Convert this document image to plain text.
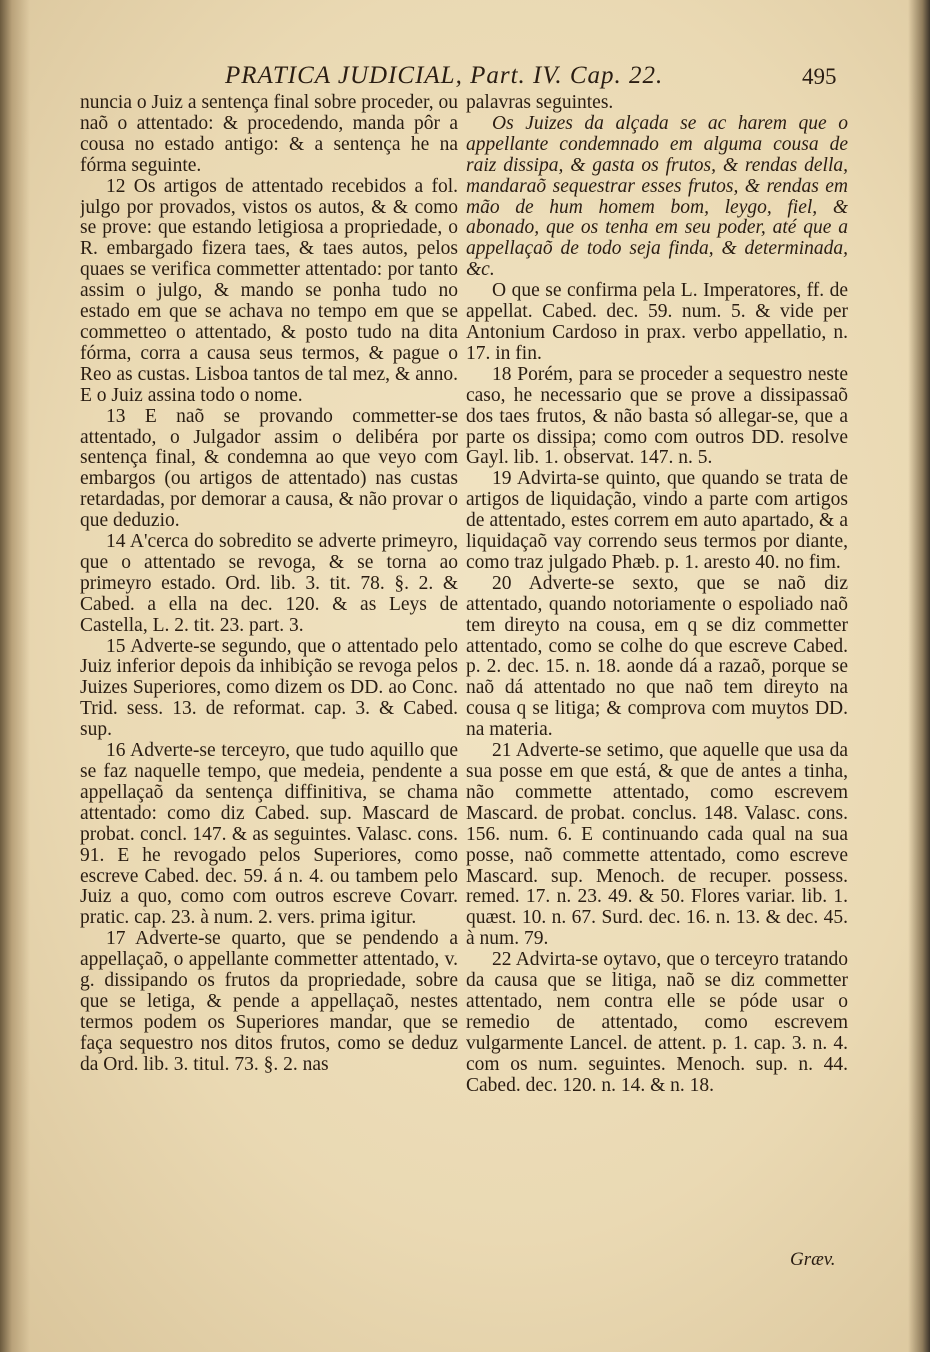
PRATICA JUDICIAL, Part. IV. Cap. 22.	495

nuncia o Juiz a sentença final sobre proceder, ou naõ o attentado: & procedendo, manda pôr a cousa no estado antigo: & a sentença he na fórma seguinte.

12 Os artigos de attentado recebidos a fol. julgo por provados, vistos os autos, & & como se prove: que estando letigiosa a propriedade, o R. embargado fizera taes, & taes autos, pelos quaes se verifica commetter attentado: por tanto assim o julgo, & mando se ponha tudo no estado em que se achava no tempo em que se commetteo o attentado, & posto tudo na dita fórma, corra a causa seus termos, & pague o Reo as custas. Lisboa tantos de tal mez, & anno. E o Juiz assina todo o nome.

13 E naõ se provando commetter-se attentado, o Julgador assim o delibéra por sentença final, & condemna ao que veyo com embargos (ou artigos de attentado) nas custas retardadas, por demorar a causa, & não provar o que deduzio.

14 A'cerca do sobredito se adverte primeyro, que o attentado se revoga, & se torna ao primeyro estado. Ord. lib. 3. tit. 78. §. 2. & Cabed. a ella na dec. 120. & as Leys de Castella, L. 2. tit. 23. part. 3.

15 Adverte-se segundo, que o attentado pelo Juiz inferior depois da inhibição se revoga pelos Juizes Superiores, como dizem os DD. ao Conc. Trid. sess. 13. de reformat. cap. 3. & Cabed. sup.

16 Adverte-se terceyro, que tudo aquillo que se faz naquelle tempo, que medeia, pendente a appellaçaõ da sentença diffinitiva, se chama attentado: como diz Cabed. sup. Mascard de probat. concl. 147. & as seguintes. Valasc. cons. 91. E he revogado pelos Superiores, como escreve Cabed. dec. 59. á n. 4. ou tambem pelo Juiz a quo, como com outros escreve Covarr. pratic. cap. 23. à num. 2. vers. prima igitur.

17 Adverte-se quarto, que se pendendo a appellaçaõ, o appellante commetter attentado, v. g. dissipando os frutos da propriedade, sobre que se letiga, & pende a appellaçaõ, nestes termos podem os Superiores mandar, que se faça sequestro nos ditos frutos, como se deduz da Ord. lib. 3. titul. 73. §. 2. nas

palavras seguintes.

Os Juizes da alçada se ac harem que o appellante condemnado em alguma cousa de raiz dissipa, & gasta os frutos, & rendas della, mandaraõ sequestrar esses frutos, & rendas em mão de hum homem bom, leygo, fiel, & abonado, que os tenha em seu poder, até que a appellaçaõ de todo seja finda, & determinada, &c.

O que se confirma pela L. Imperatores, ff. de appellat. Cabed. dec. 59. num. 5. & vide per Antonium Cardoso in prax. verbo appellatio, n. 17. in fin.

18 Porém, para se proceder a sequestro neste caso, he necessario que se prove a dissipassaõ dos taes frutos, & não basta só allegar-se, que a parte os dissipa; como com outros DD. resolve Gayl. lib. 1. observat. 147. n. 5.

19 Advirta-se quinto, que quando se trata de artigos de liquidação, vindo a parte com artigos de attentado, estes correm em auto apartado, & a liquidaçaõ vay correndo seus termos por diante, como traz julgado Phæb. p. 1. aresto 40. no fim.

20 Adverte-se sexto, que se naõ diz attentado, quando notoriamente o espoliado naõ tem direyto na cousa, em q se diz commetter attentado, como se colhe do que escreve Cabed. p. 2. dec. 15. n. 18. aonde dá a razaõ, porque se naõ dá attentado no que naõ tem direyto na cousa q se litiga; & comprova com muytos DD. na materia.

21 Adverte-se setimo, que aquelle que usa da sua posse em que está, & que de antes a tinha, não commette attentado, como escrevem Mascard. de probat. conclus. 148. Valasc. cons. 156. num. 6. E continuando cada qual na sua posse, naõ commette attentado, como escreve Mascard. sup. Menoch. de recuper. possess. remed. 17. n. 23. 49. & 50. Flores variar. lib. 1. quæst. 10. n. 67. Surd. dec. 16. n. 13. & dec. 45. à num. 79.

22 Advirta-se oytavo, que o terceyro tratando da causa que se litiga, naõ se diz commetter attentado, nem contra elle se póde usar o remedio de attentado, como escrevem vulgarmente Lancel. de attent. p. 1. cap. 3. n. 4. com os num. seguintes. Menoch. sup. n. 44. Cabed. dec. 120. n. 14. & n. 18.

Græv.
